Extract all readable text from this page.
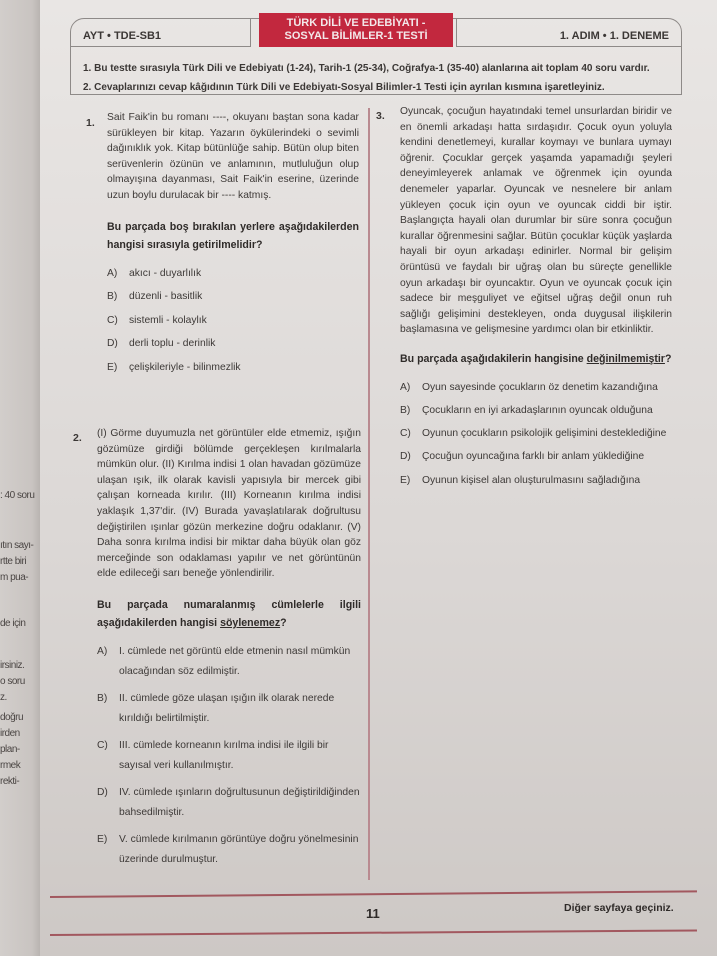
: 40 soru
ıtın sayı-
rtte biri
m pua-
de için
irsiniz.
o soru
z.
doğru
irden
plan-
rmek
rekti-
AYT • TDE-SB1
TÜRK DİLİ VE EDEBİYATI -
SOSYAL BİLİMLER-1 TESTİ	1. ADIM • 1. DENEME
1. Bu testte sırasıyla Türk Dili ve Edebiyatı (1-24), Tarih-1 (25-34), Coğrafya-1 (35-40) alanlarına ait toplam 40 soru vardır.
2. Cevaplarınızı cevap kâğıdının Türk Dili ve Edebiyatı-Sosyal Bilimler-1 Testi için ayrılan kısmına işaretleyiniz.
1. Sait Faik'in bu romanı ----, okuyanı baştan sona kadar sürükleyen bir kitap. Yazarın öykülerindeki o sevimli dağınıklık yok. Kitap bütünlüğe sahip. Bütün olup biten serüvenlerin özünün ve anlamının, mutluluğun olup olmayışına dayanması, Sait Faik'in eserine, üzerinde uzun boylu durulacak bir ---- katmış.

Bu parçada boş bırakılan yerlere aşağıdakilerden hangisi sırasıyla getirilmelidir?

A)	akıcı - duyarlılık
B)	düzenli - basitlik
C)	sistemli - kolaylık
D)	derli toplu - derinlik
E)	çelişkileriyle - bilinmezlik
2. (I) Görme duyumuzla net görüntüler elde etmemiz, ışığın gözümüze girdiği bölümde gerçekleşen kırılmalarla mümkün olur. (II) Kırılma indisi 1 olan havadan gözümüze ulaşan ışık, ilk olarak kavisli yapısıyla bir mercek gibi çalışan korneada kırılır. (III) Korneanın kırılma indisi yaklaşık 1,37'dir. (IV) Burada yavaşlatılarak doğrultusu değiştirilen ışınlar gözün merkezine doğru odaklanır. (V) Daha sonra kırılma indisi bir miktar daha büyük olan göz merceğinde son odaklaması yapılır ve net görüntünün elde edileceği sarı beneğe yönlendirilir.

Bu parçada numaralanmış cümlelerle ilgili aşağıdakilerden hangisi söylenemez?

A)	I. cümlede net görüntü elde etmenin nasıl mümkün olacağından söz edilmiştir.
B)	II. cümlede göze ulaşan ışığın ilk olarak nerede kırıldığı belirtilmiştir.
C)	III. cümlede korneanın kırılma indisi ile ilgili bir sayısal veri kullanılmıştır.
D)	IV. cümlede ışınların doğrultusunun değiştirildiğinden bahsedilmiştir.
E)	V. cümlede kırılmanın görüntüye doğru yönelmesinin üzerinde durulmuştur.
3. Oyuncak, çocuğun hayatındaki temel unsurlardan biridir ve en önemli arkadaşı hatta sırdaşıdır. Çocuk oyun yoluyla kendini denetlemeyi, kurallar koymayı ve bunlara uymayı öğrenir. Çocuklar gerçek yaşamda yapamadığı şeyleri deneyimleyerek anlamak ve öğrenmek için oyunda denemeler yaparlar. Oyuncak ve nesnelere bir anlam yükleyen çocuk için oyun ve oyuncak ciddi bir iştir. Başlangıçta hayali olan durumlar bir süre sonra çocuğun kurallar öğrenmesini sağlar. Bütün çocuklar küçük yaşlarda hayali bir oyun arkadaşı edinirler. Normal bir gelişim örüntüsü ve faydalı bir uğraş olan bu süreçte genellikle oyun arkadaşı bir oyuncaktır. Oyun ve oyuncak çocuk için sadece bir meşguliyet ve eğitsel uğraş değil onun ruh sağlığı gelişimini destekleyen, onda duygusal ilişkilerin başlamasına ve gelişmesine yardımcı olan bir etkinliktir.

Bu parçada aşağıdakilerin hangisine değinilmemiştir?

A)	Oyun sayesinde çocukların öz denetim kazandığına
B)	Çocukların en iyi arkadaşlarının oyuncak olduğuna
C)	Oyunun çocukların psikolojik gelişimini desteklediğine
D)	Çocuğun oyuncağına farklı bir anlam yüklediğine
E)	Oyunun kişisel alan oluşturulmasını sağladığına
11	Diğer sayfaya geçiniz.
